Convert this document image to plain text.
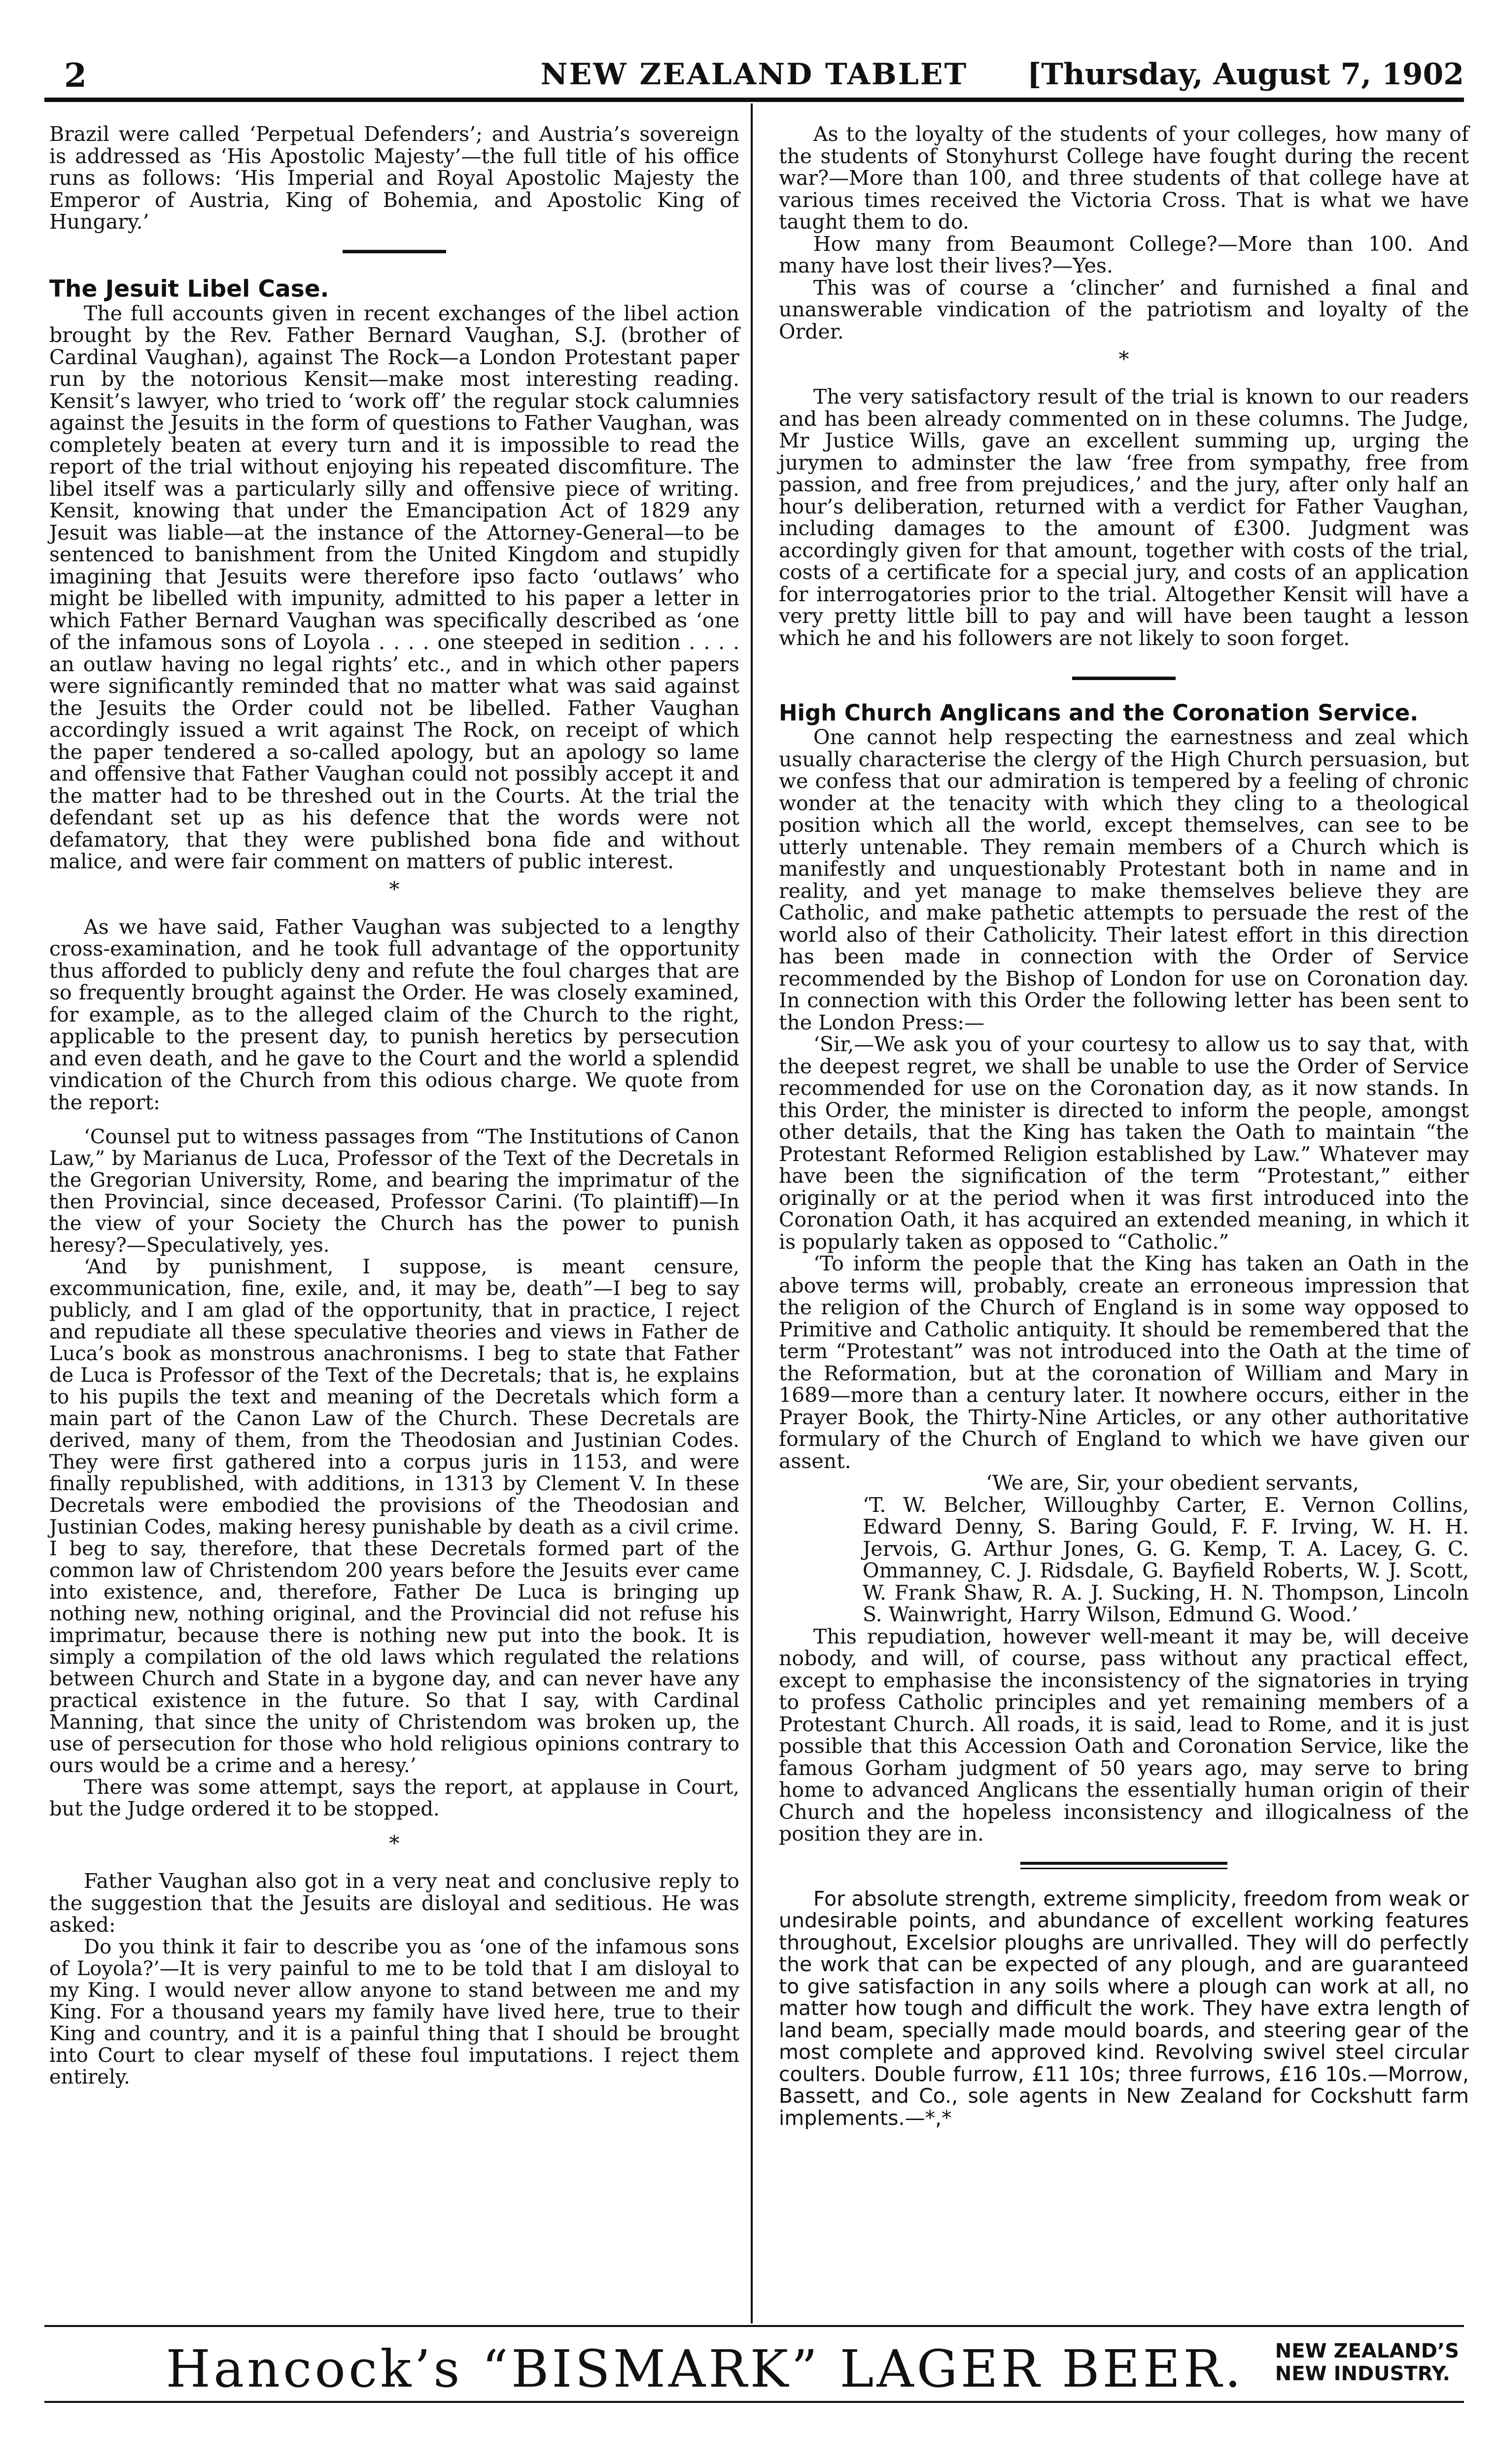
2	NEW ZEALAND TABLET	[Thursday, August 7, 1902

Brazil were called ‘Perpetual Defenders’; and Austria’s sovereign is addressed as ‘His Apostolic Majesty’—the full title of his office runs as follows: ‘His Imperial and Royal Apostolic Majesty the Emperor of Austria, King of Bohemia, and Apostolic King of Hungary.’

The Jesuit Libel Case.

The full accounts given in recent exchanges of the libel action brought by the Rev. Father Bernard Vaughan, S.J. (brother of Cardinal Vaughan), against The Rock—a London Protestant paper run by the notorious Kensit—make most interesting reading. Kensit’s lawyer, who tried to ‘work off’ the regular stock calumnies against the Jesuits in the form of questions to Father Vaughan, was completely beaten at every turn and it is impossible to read the report of the trial without enjoying his repeated discomfiture. The libel itself was a particularly silly and offensive piece of writing. Kensit, knowing that under the Emancipation Act of 1829 any Jesuit was liable—at the instance of the Attorney-General—to be sentenced to banishment from the United Kingdom and stupidly imagining that Jesuits were therefore ipso facto ‘outlaws’ who might be libelled with impunity, admitted to his paper a letter in which Father Bernard Vaughan was specifically described as ‘one of the infamous sons of Loyola . . . . one steeped in sedition . . . . an outlaw having no legal rights’ etc., and in which other papers were significantly reminded that no matter what was said against the Jesuits the Order could not be libelled. Father Vaughan accordingly issued a writ against The Rock, on receipt of which the paper tendered a so-called apology, but an apology so lame and offensive that Father Vaughan could not possibly accept it and the matter had to be threshed out in the Courts. At the trial the defendant set up as his defence that the words were not defamatory, that they were published bona fide and without malice, and were fair comment on matters of public interest.

*

As we have said, Father Vaughan was subjected to a lengthy cross-examination, and he took full advantage of the opportunity thus afforded to publicly deny and refute the foul charges that are so frequently brought against the Order. He was closely examined, for example, as to the alleged claim of the Church to the right, applicable to the present day, to punish heretics by persecution and even death, and he gave to the Court and the world a splendid vindication of the Church from this odious charge. We quote from the report:

‘Counsel put to witness passages from “The Institutions of Canon Law,” by Marianus de Luca, Professor of the Text of the Decretals in the Gregorian University, Rome, and bearing the imprimatur of the then Provincial, since deceased, Professor Carini. (To plaintiff)—In the view of your Society the Church has the power to punish heresy?—Speculatively, yes.

‘And by punishment, I suppose, is meant censure, excommunication, fine, exile, and, it may be, death”—I beg to say publicly, and I am glad of the opportunity, that in practice, I reject and repudiate all these speculative theories and views in Father de Luca’s book as monstrous anachronisms. I beg to state that Father de Luca is Professor of the Text of the Decretals; that is, he explains to his pupils the text and meaning of the Decretals which form a main part of the Canon Law of the Church. These Decretals are derived, many of them, from the Theodosian and Justinian Codes. They were first gathered into a corpus juris in 1153, and were finally republished, with additions, in 1313 by Clement V. In these Decretals were embodied the provisions of the Theodosian and Justinian Codes, making heresy punishable by death as a civil crime. I beg to say, therefore, that these Decretals formed part of the common law of Christendom 200 years before the Jesuits ever came into existence, and, therefore, Father De Luca is bringing up nothing new, nothing original, and the Provincial did not refuse his imprimatur, because there is nothing new put into the book. It is simply a compilation of the old laws which regulated the relations between Church and State in a bygone day, and can never have any practical existence in the future. So that I say, with Cardinal Manning, that since the unity of Christendom was broken up, the use of persecution for those who hold religious opinions contrary to ours would be a crime and a heresy.’

There was some attempt, says the report, at applause in Court, but the Judge ordered it to be stopped.

*

Father Vaughan also got in a very neat and conclusive reply to the suggestion that the Jesuits are disloyal and seditious. He was asked:

Do you think it fair to describe you as ‘one of the infamous sons of Loyola?’—It is very painful to me to be told that I am disloyal to my King. I would never allow anyone to stand between me and my King. For a thousand years my family have lived here, true to their King and country, and it is a painful thing that I should be brought into Court to clear myself of these foul imputations. I reject them entirely.

As to the loyalty of the students of your colleges, how many of the students of Stonyhurst College have fought during the recent war?—More than 100, and three students of that college have at various times received the Victoria Cross. That is what we have taught them to do.

How many from Beaumont College?—More than 100. And many have lost their lives?—Yes.

This was of course a ‘clincher’ and furnished a final and unanswerable vindication of the patriotism and loyalty of the Order.

*

The very satisfactory result of the trial is known to our readers and has been already commented on in these columns. The Judge, Mr Justice Wills, gave an excellent summing up, urging the jurymen to adminster the law ‘free from sympathy, free from passion, and free from prejudices,’ and the jury, after only half an hour’s deliberation, returned with a verdict for Father Vaughan, including damages to the amount of £300. Judgment was accordingly given for that amount, together with costs of the trial, costs of a certificate for a special jury, and costs of an application for interrogatories prior to the trial. Altogether Kensit will have a very pretty little bill to pay and will have been taught a lesson which he and his followers are not likely to soon forget.

High Church Anglicans and the Coronation Service.

One cannot help respecting the earnestness and zeal which usually characterise the clergy of the High Church persuasion, but we confess that our admiration is tempered by a feeling of chronic wonder at the tenacity with which they cling to a theological position which all the world, except themselves, can see to be utterly untenable. They remain members of a Church which is manifestly and unquestionably Protestant both in name and in reality, and yet manage to make themselves believe they are Catholic, and make pathetic attempts to persuade the rest of the world also of their Catholicity. Their latest effort in this direction has been made in connection with the Order of Service recommended by the Bishop of London for use on Coronation day. In connection with this Order the following letter has been sent to the London Press:—

‘Sir,—We ask you of your courtesy to allow us to say that, with the deepest regret, we shall be unable to use the Order of Service recommended for use on the Coronation day, as it now stands. In this Order, the minister is directed to inform the people, amongst other details, that the King has taken the Oath to maintain “the Protestant Reformed Religion established by Law.” Whatever may have been the signification of the term “Protestant,” either originally or at the period when it was first introduced into the Coronation Oath, it has acquired an extended meaning, in which it is popularly taken as opposed to “Catholic.”

‘To inform the people that the King has taken an Oath in the above terms will, probably, create an erroneous impression that the religion of the Church of England is in some way opposed to Primitive and Catholic antiquity. It should be remembered that the term “Protestant” was not introduced into the Oath at the time of the Reformation, but at the coronation of William and Mary in 1689—more than a century later. It nowhere occurs, either in the Prayer Book, the Thirty-Nine Articles, or any other authoritative formulary of the Church of England to which we have given our assent.

‘We are, Sir, your obedient servants,
‘T. W. Belcher, Willoughby Carter, E. Vernon Collins, Edward Denny, S. Baring Gould, F. F. Irving, W. H. H. Jervois, G. Arthur Jones, G. G. Kemp, T. A. Lacey, G. C. Ommanney, C. J. Ridsdale, G. Bayfield Roberts, W. J. Scott, W. Frank Shaw, R. A. J. Sucking, H. N. Thompson, Lincoln S. Wainwright, Harry Wilson, Edmund G. Wood.’

This repudiation, however well-meant it may be, will deceive nobody, and will, of course, pass without any practical effect, except to emphasise the inconsistency of the signatories in trying to profess Catholic principles and yet remaining members of a Protestant Church. All roads, it is said, lead to Rome, and it is just possible that this Accession Oath and Coronation Service, like the famous Gorham judgment of 50 years ago, may serve to bring home to advanced Anglicans the essentially human origin of their Church and the hopeless inconsistency and illogicalness of the position they are in.

For absolute strength, extreme simplicity, freedom from weak or undesirable points, and abundance of excellent working features throughout, Excelsior ploughs are unrivalled. They will do perfectly the work that can be expected of any plough, and are guaranteed to give satisfaction in any soils where a plough can work at all, no matter how tough and difficult the work. They have extra length of land beam, specially made mould boards, and steering gear of the most complete and approved kind. Revolving swivel steel circular coulters. Double furrow, £11 10s; three furrows, £16 10s.—Morrow, Bassett, and Co., sole agents in New Zealand for Cockshutt farm implements.—*,*

Hancock’s “BISMARK” LAGER BEER.	NEW ZEALAND’S
NEW INDUSTRY.
